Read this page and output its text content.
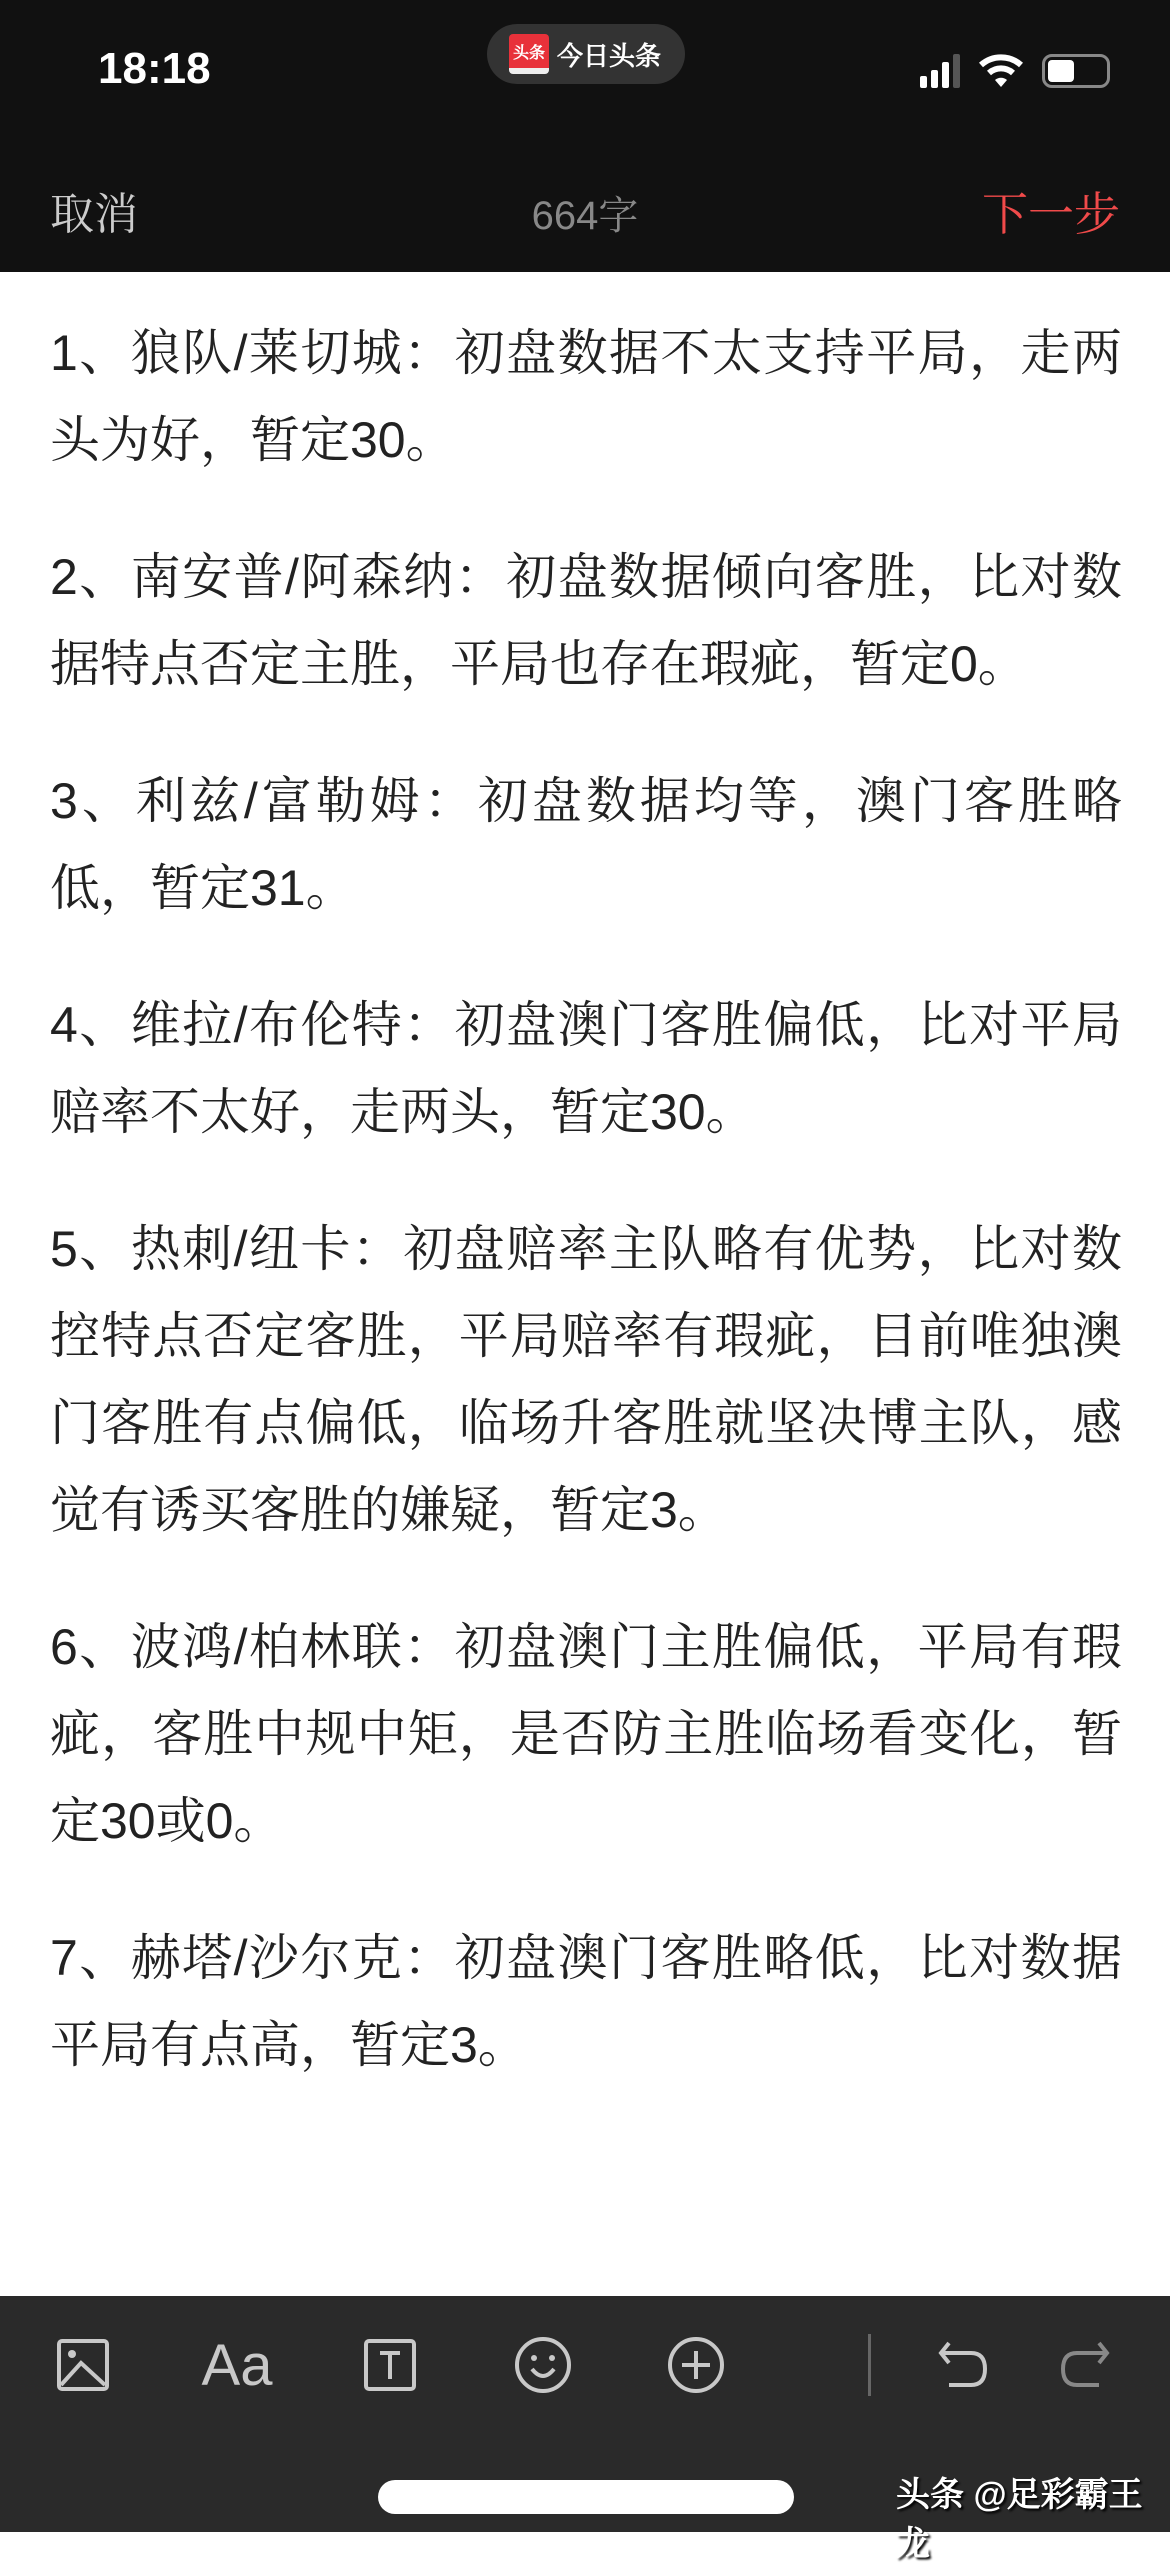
18:18	头条 今日头条
取消	664字	下一步

1、狼队/莱切城：初盘数据不太支持平局，走两头为好，暂定30。

2、南安普/阿森纳：初盘数据倾向客胜，比对数据特点否定主胜，平局也存在瑕疵，暂定0。

3、利兹/富勒姆：初盘数据均等，澳门客胜略低，暂定31。

4、维拉/布伦特：初盘澳门客胜偏低，比对平局赔率不太好，走两头，暂定30。

5、热刺/纽卡：初盘赔率主队略有优势，比对数控特点否定客胜，平局赔率有瑕疵，目前唯独澳门客胜有点偏低，临场升客胜就坚决博主队，感觉有诱买客胜的嫌疑，暂定3。

6、波鸿/柏林联：初盘澳门主胜偏低，平局有瑕疵，客胜中规中矩，是否防主胜临场看变化，暂定30或0。

7、赫塔/沙尔克：初盘澳门客胜略低，比对数据平局有点高，暂定3。

Aa
头条 @足彩霸王龙
